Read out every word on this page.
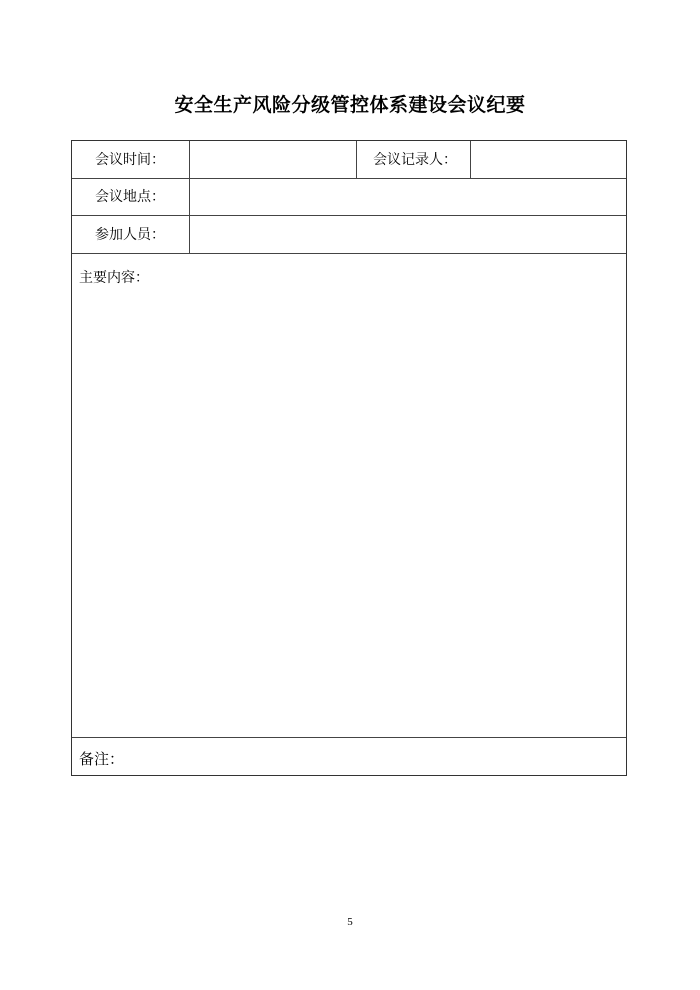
安全生产风险分级管控体系建设会议纪要
会议时间：	会议记录人：
会议地点：
参加人员：
主要内容：
备注：
5
